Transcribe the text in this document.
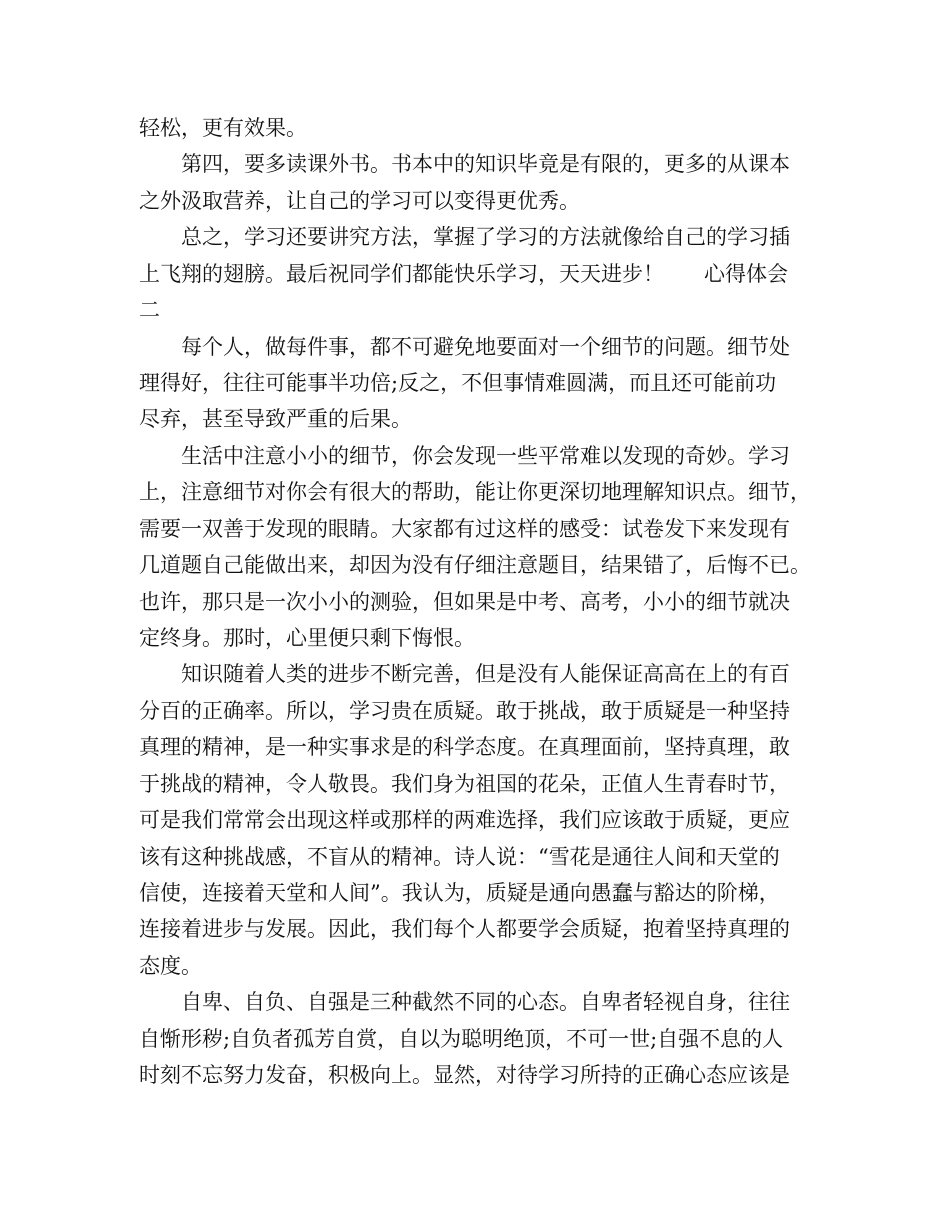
轻松，更有效果。
第四，要多读课外书。书本中的知识毕竟是有限的，更多的从课本
之外汲取营养，让自己的学习可以变得更优秀。
总之，学习还要讲究方法，掌握了学习的方法就像给自己的学习插
上飞翔的翅膀。最后祝同学们都能快乐学习，天天进步！      心得体会
二
每个人，做每件事，都不可避免地要面对一个细节的问题。细节处
理得好，往往可能事半功倍;反之，不但事情难圆满，而且还可能前功
尽弃，甚至导致严重的后果。
生活中注意小小的细节，你会发现一些平常难以发现的奇妙。学习
上，注意细节对你会有很大的帮助，能让你更深切地理解知识点。细节，
需要一双善于发现的眼睛。大家都有过这样的感受：试卷发下来发现有
几道题自己能做出来，却因为没有仔细注意题目，结果错了，后悔不已。
也许，那只是一次小小的测验，但如果是中考、高考，小小的细节就决
定终身。那时，心里便只剩下悔恨。
知识随着人类的进步不断完善，但是没有人能保证高高在上的有百
分百的正确率。所以，学习贵在质疑。敢于挑战，敢于质疑是一种坚持
真理的精神，是一种实事求是的科学态度。在真理面前，坚持真理，敢
于挑战的精神，令人敬畏。我们身为祖国的花朵，正值人生青春时节，
可是我们常常会出现这样或那样的两难选择，我们应该敢于质疑，更应
该有这种挑战感，不盲从的精神。诗人说：“雪花是通往人间和天堂的
信使，连接着天堂和人间”。我认为，质疑是通向愚蠢与豁达的阶梯，
连接着进步与发展。因此，我们每个人都要学会质疑，抱着坚持真理的
态度。
自卑、自负、自强是三种截然不同的心态。自卑者轻视自身，往往
自惭形秽;自负者孤芳自赏，自以为聪明绝顶，不可一世;自强不息的人
时刻不忘努力发奋，积极向上。显然，对待学习所持的正确心态应该是
